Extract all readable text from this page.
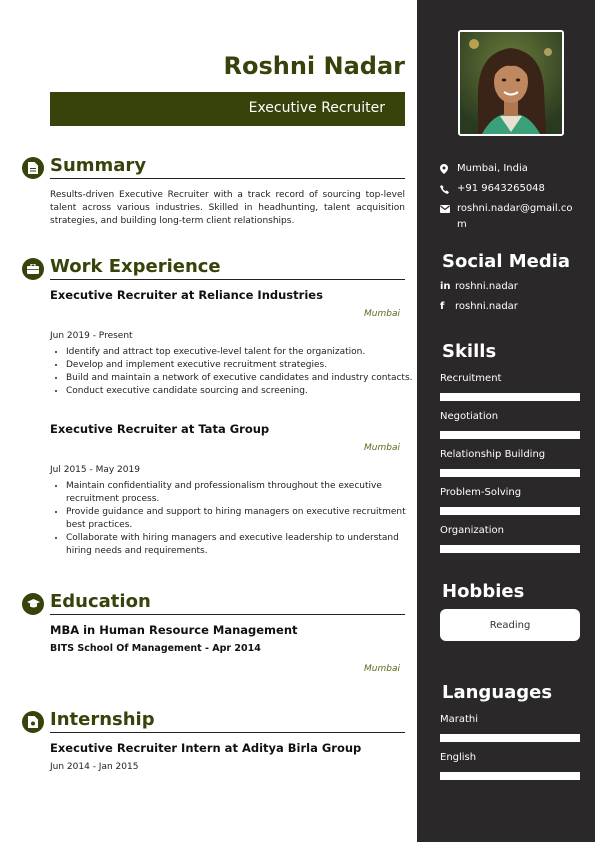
Mumbai, India
+91 9643265048
roshni.nadar@gmail.com
Social Media
in roshni.nadar
f	roshni.nadar
Skills
Recruitment
Negotiation
Relationship Building
Problem-Solving
Organization
Hobbies
Reading
Languages
Marathi
English
Roshni Nadar
Executive Recruiter
Summary
Results-driven Executive Recruiter with a track record of sourcing top-level talent across various industries. Skilled in headhunting, talent acquisition strategies, and building long-term client relationships.
Work Experience
Executive Recruiter at Reliance Industries
Mumbai
Jun 2019 - Present
• Identify and attract top executive-level talent for the organization.
• Develop and implement executive recruitment strategies.
• Build and maintain a network of executive candidates and industry contacts.
• Conduct executive candidate sourcing and screening.
Executive Recruiter at Tata Group
Mumbai
Jul 2015 - May 2019
• Maintain confidentiality and professionalism throughout the executive recruitment process.
• Provide guidance and support to hiring managers on executive recruitment best practices.
• Collaborate with hiring managers and executive leadership to understand hiring needs and requirements.
Education
MBA in Human Resource Management
BITS School Of Management - Apr 2014
Mumbai
Internship
Executive Recruiter Intern at Aditya Birla Group
Jun 2014 - Jan 2015
